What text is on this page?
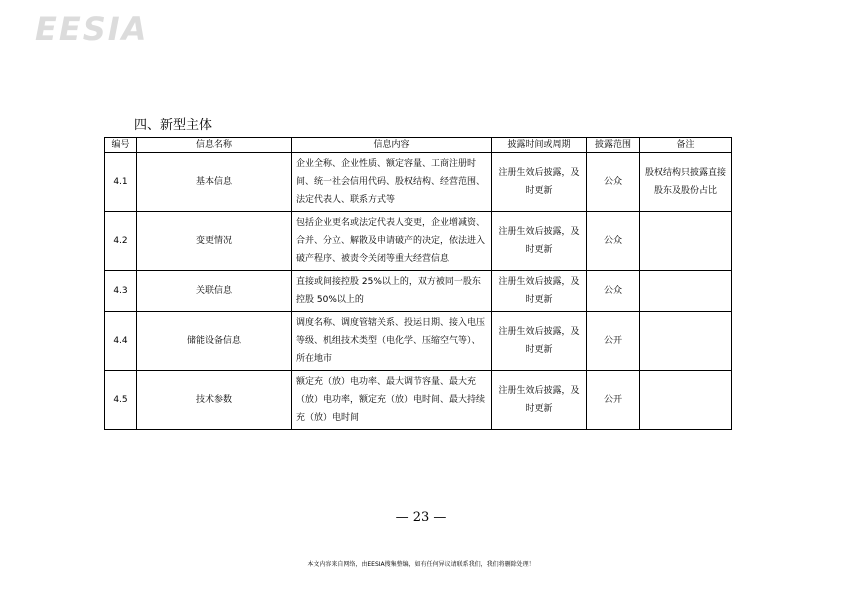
EESIA
四、新型主体
编号	信息名称	信息内容	披露时间或周期	披露范围	备注
4.1	基本信息	企业全称、企业性质、额定容量、工商注册时间、统一社会信用代码、股权结构、经营范围、法定代表人、联系方式等	注册生效后披露，及时更新	公众	股权结构只披露直接股东及股份占比
4.2	变更情况	包括企业更名或法定代表人变更，企业增减资、合并、分立、解散及申请破产的决定，依法进入破产程序、被责令关闭等重大经营信息	注册生效后披露，及时更新	公众	
4.3	关联信息	直接或间接控股 25%以上的，双方被同一股东控股 50%以上的	注册生效后披露，及时更新	公众	
4.4	储能设备信息	调度名称、调度管辖关系、投运日期、接入电压等级、机组技术类型（电化学、压缩空气等）、所在地市	注册生效后披露，及时更新	公开	
4.5	技术参数	额定充（放）电功率、最大调节容量、最大充（放）电功率，额定充（放）电时间、最大持续充（放）电时间	注册生效后披露，及时更新	公开	
— 23 —
本文内容来自网络，由EESIA搜集整编，如有任何异议请联系我们，我们将删除处理！
